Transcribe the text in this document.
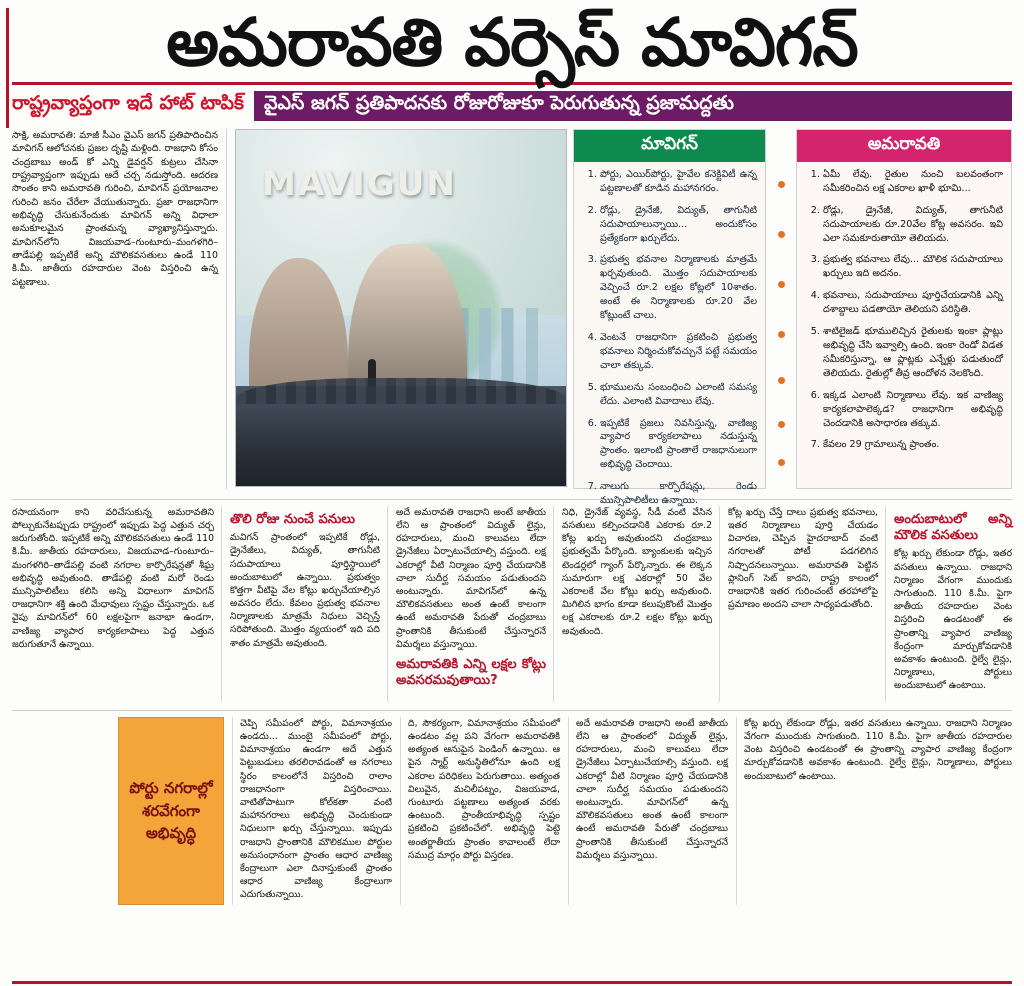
అమరావతి వర్సెస్ మావిగన్
రాష్ట్రవ్యాప్తంగా ఇదే హాట్ టాపిక్	వైఎస్ జగన్ ప్రతిపాదనకు రోజురోజుకూ పెరుగుతున్న ప్రజామద్దతు
సాక్షి, అమరావతి: మాజీ సీఎం వైఎస్ జగన్ ప్రతిపాదించిన మావిగన్ ఆలోచనకు ప్రజల దృష్టి మళ్లింది. రాజధాని కోసం చంద్రబాబు అండ్ కో ఎన్ని డైవర్షన్ కుట్రలు చేసినా రాష్ట్రవ్యాప్తంగా ఇప్పుడు ఆదే చర్చ నడుస్తోంది. ఆదరణ సొంతం కాని అమరావతి గురించి, మావిగన్ ప్రయోజనాల గురించి జనం చేరేలా వేయుతున్నారు. ప్రజా రాజధానిగా అభివృద్ధి చేసుకునేందుకు మావిగన్ అన్ని విధాలా అనుకూలమైన ప్రాంతమన్న వ్యాఖ్యానిస్తున్నారు. మావిగన్‌లోని విజయవాడ–గుంటూరు–మంగళగిరి–తాడేపల్లి ఇప్పటికే అన్ని మౌలికవసతులు ఉండే 110 కి.మీ. జాతీయ రహదారుల వెంట విస్తరించి ఉన్న పట్టణాలు.
MAVIGUN
మావిగన్
1. పోర్టు, ఎయిర్‌పోర్టు, హైవేల కనెక్టివిటీ ఉన్న పట్టణాలతో కూడిన మహానగరం.
2. రోడ్లు, డ్రైనేజీ, విద్యుత్, తాగునీటి సదుపాయాలున్నాయి... అందుకోసం ప్రత్యేకంగా ఖర్చులేదు.
3. ప్రభుత్వ భవనాల నిర్మాణాలకు మాత్రమే ఖర్చవుతుంది. మొత్తం సదుపాయాలకు వెచ్చించే రూ.2 లక్షల కోట్లలో 10శాతం. అంటే ఈ నిర్మాణాలకు రూ.20 వేల కోట్లుంటే చాలు.
4. వెంటనే రాజధానిగా ప్రకటించి ప్రభుత్వ భవనాలు నిర్మించుకోవచ్చునే పట్టే సమయం చాలా తక్కువ.
5. భూములను సంబంధించి ఎలాంటి సమస్య లేదు. ఎలాంటి వివాదాలు లేవు.
6. ఇప్పటికే ప్రజలు నివసిస్తున్న, వాణిజ్య వ్యాపార కార్యకలాపాలు నడుస్తున్న ప్రాంతం. ఇలాంటి ప్రాంతాలే రాజధానులుగా అభివృద్ధి చెందాయి.
7. నాలుగు కార్పొరేషన్లు, రెండు మున్సిపాలిటీలు ఉన్నాయి.
అమరావతి
1. ఏమీ లేవు. రైతుల నుంచి బలవంతంగా సమీకరించిన లక్ష ఎకరాల ఖాళీ భూమి...
2. రోడ్లు, డ్రైనేజీ, విద్యుత్, తాగునీటి సదుపాయాలకు రూ.20వేల కోట్ల అవసరం. ఇవి ఎలా సమకూరుతాయో తెలియదు.
3. ప్రభుత్వ భవనాలు లేవు... మౌలిక సదుపాయాలు ఖర్చులు ఇది అదనం.
4. భవనాలు, సదుపాయాలు పూర్తిచేయడానికి ఎన్ని దశాబ్దాలు పడతాయో తెలియని పరిస్థితి.
5. శాటిలైజడ్ భూములిచ్చిన రైతులకు ఇంకా ప్లాట్లు అభివృద్ధి చేసి ఇవ్వాల్సి ఉంది. ఇంకా రెండో విడత సమీకరిస్తున్నా, ఆ ప్లాట్లకు ఎన్నేళ్లు పడుతుందో తెలియదు. రైతుల్లో తీవ్ర ఆందోళన నెలకొంది.
6. ఇక్కడ ఎలాంటి నిర్మాణాలు లేవు. ఇక వాణిజ్య కార్యకలాపాలెక్కడ? రాజధానిగా అభివృద్ధి చెందడానికి అసాధారణ తక్కువ.
7. కేవలం 29 గ్రామాలున్న ప్రాంతం.
రసాయనంగా కాని వరిచేసుకున్న అమరావతిని పోల్చుకునేటప్పుడు రాష్ట్రంలో ఇప్పుడు పెద్ద ఎత్తున చర్చ జరుగుతోంది. ఇప్పటికే అన్ని మౌలికవసతులు ఉండే 110 కి.మీ. జాతీయ రహదారులు, విజయవాడ–గుంటూరు–మంగళగిరి–తాడేపల్లి వంటి నగరాల కార్పొరేషన్లతో శీఘ్ర అభివృద్ధి అవుతుంది. తాడేపల్లి వంటి మరో రెండు మున్సిపాలిటీలు కలిసి అన్ని విధాలుగా మావిగన్ రాజధానిగా శక్తి ఉంది మేధావులు స్పష్టం చేస్తున్నారు. ఒక వైపు మావిగన్‌లో 60 లక్షలపైగా జనాభా ఉండగా, వాణిజ్య వ్యాపార కార్యకలాపాలు పెద్ద ఎత్తున జరుగుతూనే ఉన్నాయి.
తొలి రోజు నుంచే పనులు
మవిగన్ ప్రాంతంలో ఇప్పటికే రోడ్లు, డ్రైనేజీలు, విద్యుత్, తాగునీటి సదుపాయాలు పూర్తిస్థాయిలో అందుబాటులో ఉన్నాయి. ప్రభుత్వం కొత్తగా వీటిపై వేల కోట్లు ఖర్చుచేయాల్సిన అవసరం లేదు. కేవలం ప్రభుత్వ భవనాల నిర్మాణాలకు మాత్రమే నిధులు వెచ్చిస్తే సరిపోతుంది. మొత్తం వ్యయంలో ఇది పది శాతం మాత్రమే అవుతుంది.
అదే అమరావతి రాజధాని అంటే జాతీయ లేని ఆ ప్రాంతంలో విద్యుత్ లైన్లు, రహదారులు, మంచి కాలువలు లేదా డ్రైనేజీలు ఏర్పాటుచేయాల్సి వస్తుంది. లక్ష ఎకరాల్లో వీటి నిర్మాణం పూర్తి చేయడానికి చాలా సుదీర్ఘ సమయం పడుతుందని అంటున్నారు. మావిగన్‌లో ఉన్న మౌలికవసతులు అంత ఉంటే కాలంగా ఉంటే అమరావతి పేరుతో చంద్రబాబు ప్రాంతానికి తీసుకుంటే చేస్తున్నారనే విమర్శలు వస్తున్నాయి.
అమరావతికి ఎన్ని లక్షల కోట్లు అవసరమవుతాయి?
నిధి, డ్రైనేజ్ వ్యవస్థ, సీడీ వంటి వేసిన వసతులు కల్పించడానికి ఎకరాకు రూ.2 కోట్ల ఖర్చు అవుతుందని చంద్రబాబు ప్రభుత్వమే పేర్కొంది. బ్యాంకులకు ఇచ్చిన టెండర్లలో గ్యాంగ్ పేర్కొన్నారు. ఈ లెక్కన సుమారుగా లక్ష ఎకరాల్లో 50 వేల ఎకరాలకే వేల కోట్లు ఖర్చు అవుతుంది. మిగిలిన భాగం కూడా కలుపుకొంటే మొత్తం లక్ష ఎకరాలకు రూ.2 లక్షల కోట్లు ఖర్చు అవుతుంది.
కోట్ల ఖర్చు చేస్తే దాలు ప్రభుత్వ భవనాలు, ఇతర నిర్మాణాలు పూర్తి చేయడం విచారణ, చెప్పిన హైదరాబాద్ వంటి నగరాలతో పోటీ పడగలిగిన నిష్పాదనలున్నాయి. అమరావతి పెట్టిన ప్లానింగ్‌ సెట్ కాదని, రాష్ట్ర కాలంలో రాజధానికి ఇతర గురించంటే తరహాలోపై ప్రమాణం అందని చాలా సాధ్యపడుతోంది.
అందుబాటులో అన్ని మౌలిక వసతులు
కోట్ల ఖర్చు లేకుండా రోడ్లు, ఇతర వసతులు ఉన్నాయి. రాజధాని నిర్మాణం వేగంగా ముందుకు సాగుతుంది. 110 కి.మీ. పైగా జాతీయ రహదారుల వెంట విస్తరించి ఉండటంతో ఈ ప్రాంతాన్ని వ్యాపార వాణిజ్య కేంద్రంగా మార్చుకోవడానికి అవకాశం ఉంటుంది. రైల్వే లైన్లు, నిర్మాణాలు, పోర్టులు అందుబాటులో ఉంటాయి.
పోర్టు నగరాల్లో శరవేగంగా అభివృద్ధి
చెప్పి సమీపంలో పోర్టు, విమానాశ్రయం ఉండదు... ముంబై సమీపంలో పోర్టు, విమానాశ్రయం ఉండగా అదే ఎత్తున పెట్టుబడులు తరలిరావడంతో ఆ నగరాలు స్థిరం కాలంలోనే విస్తరించి రాలాం రాజధానంగా విస్తరించాయి. వాటితోపాటుగా కోల్‌కతా వంటి మహానగరాలు అభివృద్ధి చెందుకుండా నిధులుగా ఖర్చు చేస్తున్నాయి. ఇప్పుడు రాజధాని ప్రాంతానికి మౌలికముల పోర్టుల అనుసంధానంగా ప్రాంతం ఆధార వాణిజ్య కేంద్రాలుగా ఎలా దినాస్తుకుంటే ప్రాంతం ఆధార వాణిజ్య కేంద్రాలుగా ఎదుగుతున్నాయి.
ది, సౌకర్యంగా, విమానాశ్రయం సమీపంలో ఉండటం వల్ల పని వేగంగా అమరావతికి అత్యంత ఆనుపైన పెండింగ్ ఉన్నాయి. ఆ పైన స్మార్ట్ అనుస్థితిలోనూ ఉంది లక్ష ఎకరాల పరిధికలు పెరుగుతాయి. అత్యంత విలువైన, మచిలీపట్నం, విజయవాడ, గుంటూరు పట్టణాలు అత్యంత వరకు ఉంటుంది. ప్రాంతీయాభివృద్ధి స్పష్టం ప్రకటించి ప్రకటించేలో. అభివృద్ధి పెట్టె అంతర్జాతీయ ప్రాంతం కావాలంటే లేదా సముద్ర మార్గం పోర్టు విస్తరణ.
అదే అమరావతి రాజధాని అంటే జాతీయ లేని ఆ ప్రాంతంలో విద్యుత్ లైన్లు, రహదారులు, మంచి కాలువలు లేదా డ్రైనేజీలు ఏర్పాటుచేయాల్సి వస్తుంది. లక్ష ఎకరాల్లో వీటి నిర్మాణం పూర్తి చేయడానికి చాలా సుదీర్ఘ సమయం పడుతుందని అంటున్నారు. మావిగన్‌లో ఉన్న మౌలికవసతులు అంత ఉంటే కాలంగా ఉంటే అమరావతి పేరుతో చంద్రబాబు ప్రాంతానికి తీసుకుంటే చేస్తున్నారనే విమర్శలు వస్తున్నాయి.
కోట్ల ఖర్చు లేకుండా రోడ్లు, ఇతర వసతులు ఉన్నాయి. రాజధాని నిర్మాణం వేగంగా ముందుకు సాగుతుంది. 110 కి.మీ. పైగా జాతీయ రహదారుల వెంట విస్తరించి ఉండటంతో ఈ ప్రాంతాన్ని వ్యాపార వాణిజ్య కేంద్రంగా మార్చుకోవడానికి అవకాశం ఉంటుంది. రైల్వే లైన్లు, నిర్మాణాలు, పోర్టులు అందుబాటులో ఉంటాయి.
